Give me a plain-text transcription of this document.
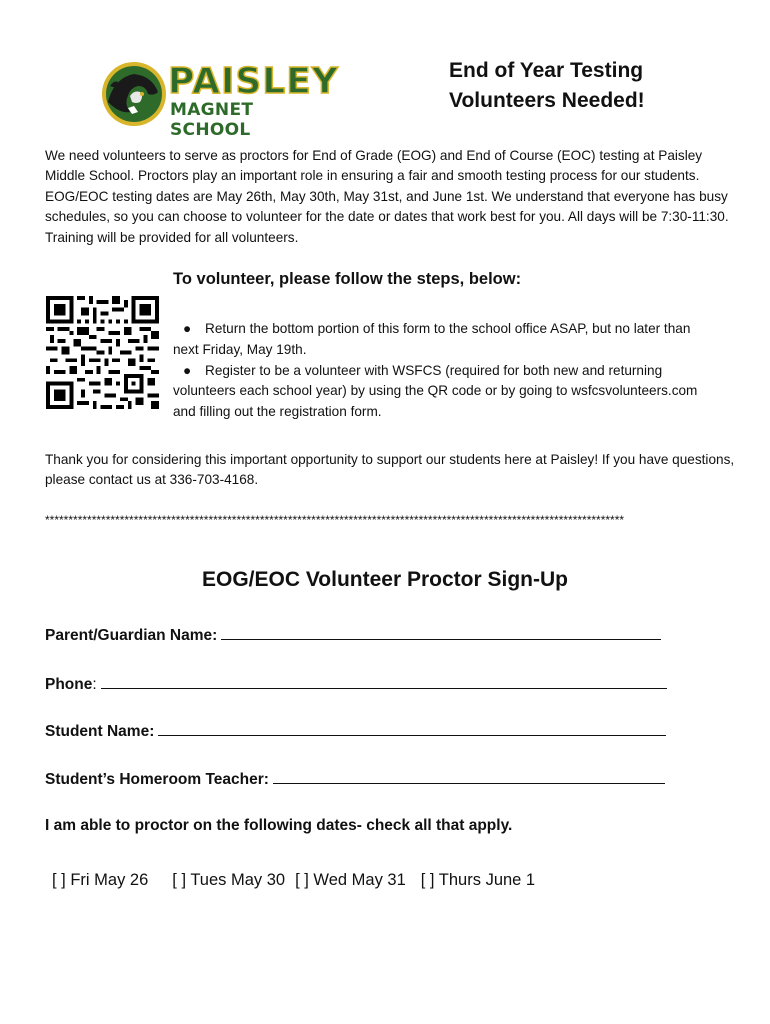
PAISLEY
MAGNET SCHOOL
End of Year Testing
Volunteers Needed!

We need volunteers to serve as proctors for End of Grade (EOG) and End of Course (EOC) testing at Paisley Middle School. Proctors play an important role in ensuring a fair and smooth testing process for our students. EOG/EOC testing dates are May 26th, May 30th, May 31st, and June 1st. We understand that everyone has busy schedules, so you can choose to volunteer for the date or dates that work best for you. All days will be 7:30-11:30. Training will be provided for all volunteers.

To volunteer, please follow the steps, below:

● Return the bottom portion of this form to the school office ASAP, but no later than next Friday, May 19th.

● Register to be a volunteer with WSFCS (required for both new and returning volunteers each school year) by using the QR code or by going to wsfcsvolunteers.com and filling out the registration form.

Thank you for considering this important opportunity to support our students here at Paisley! If you have questions, please contact us at 336-703-4168.

****************************************************************************************************************************
EOG/EOC Volunteer Proctor Sign-Up
Parent/Guardian Name:
Phone:
Student Name:
Student’s Homeroom Teacher:
I am able to proctor on the following dates- check all that apply.
[ ] Fri May 26 [ ] Tues May 30 [ ] Wed May 31 [ ] Thurs June 1
